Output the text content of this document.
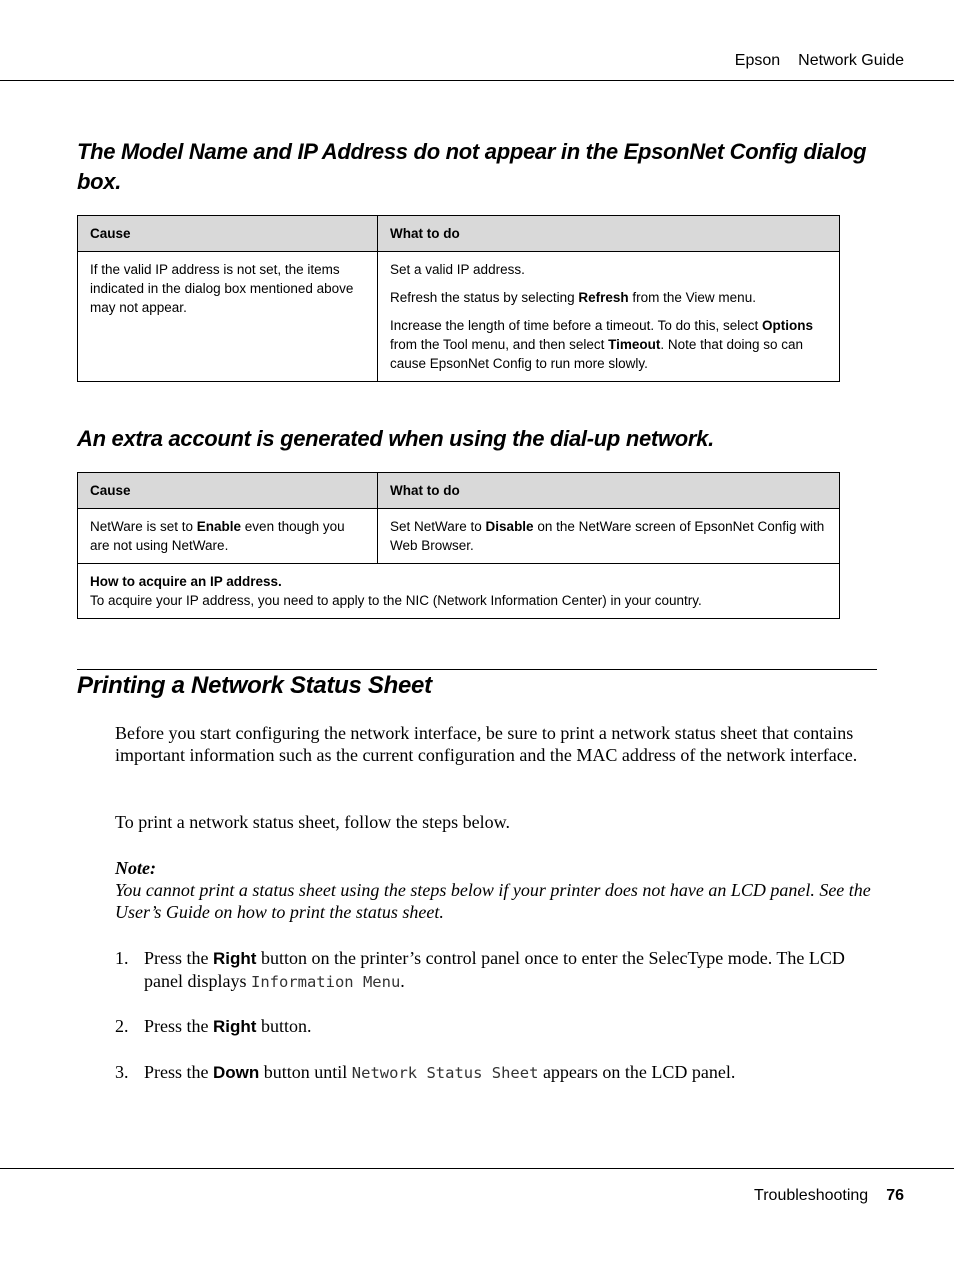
Epson Network Guide
The Model Name and IP Address do not appear in the EpsonNet Config dialog box.
Cause	What to do

If the valid IP address is not set, the items indicated in the dialog box mentioned above may not appear.	Set a valid IP address.

Refresh the status by selecting Refresh from the View menu.

Increase the length of time before a timeout. To do this, select Options from the Tool menu, and then select Timeout. Note that doing so can cause EpsonNet Config to run more slowly.

An extra account is generated when using the dial-up network.
Cause	What to do
NetWare is set to Enable even though you are not using NetWare.	Set NetWare to Disable on the NetWare screen of EpsonNet Config with Web Browser.
How to acquire an IP address.
To acquire your IP address, you need to apply to the NIC (Network Information Center) in your country.	
Printing a Network Status Sheet

Before you start configuring the network interface, be sure to print a network status sheet that contains important information such as the current configuration and the MAC address of the network interface.

To print a network status sheet, follow the steps below.

Note:
You cannot print a status sheet using the steps below if your printer does not have an LCD panel. See the User’s Guide on how to print the status sheet.
1. Press the Right button on the printer’s control panel once to enter the SelecType mode. The LCD panel displays Information Menu.
2. Press the Right button.
3. Press the Down button until Network Status Sheet appears on the LCD panel.
Troubleshooting 76
